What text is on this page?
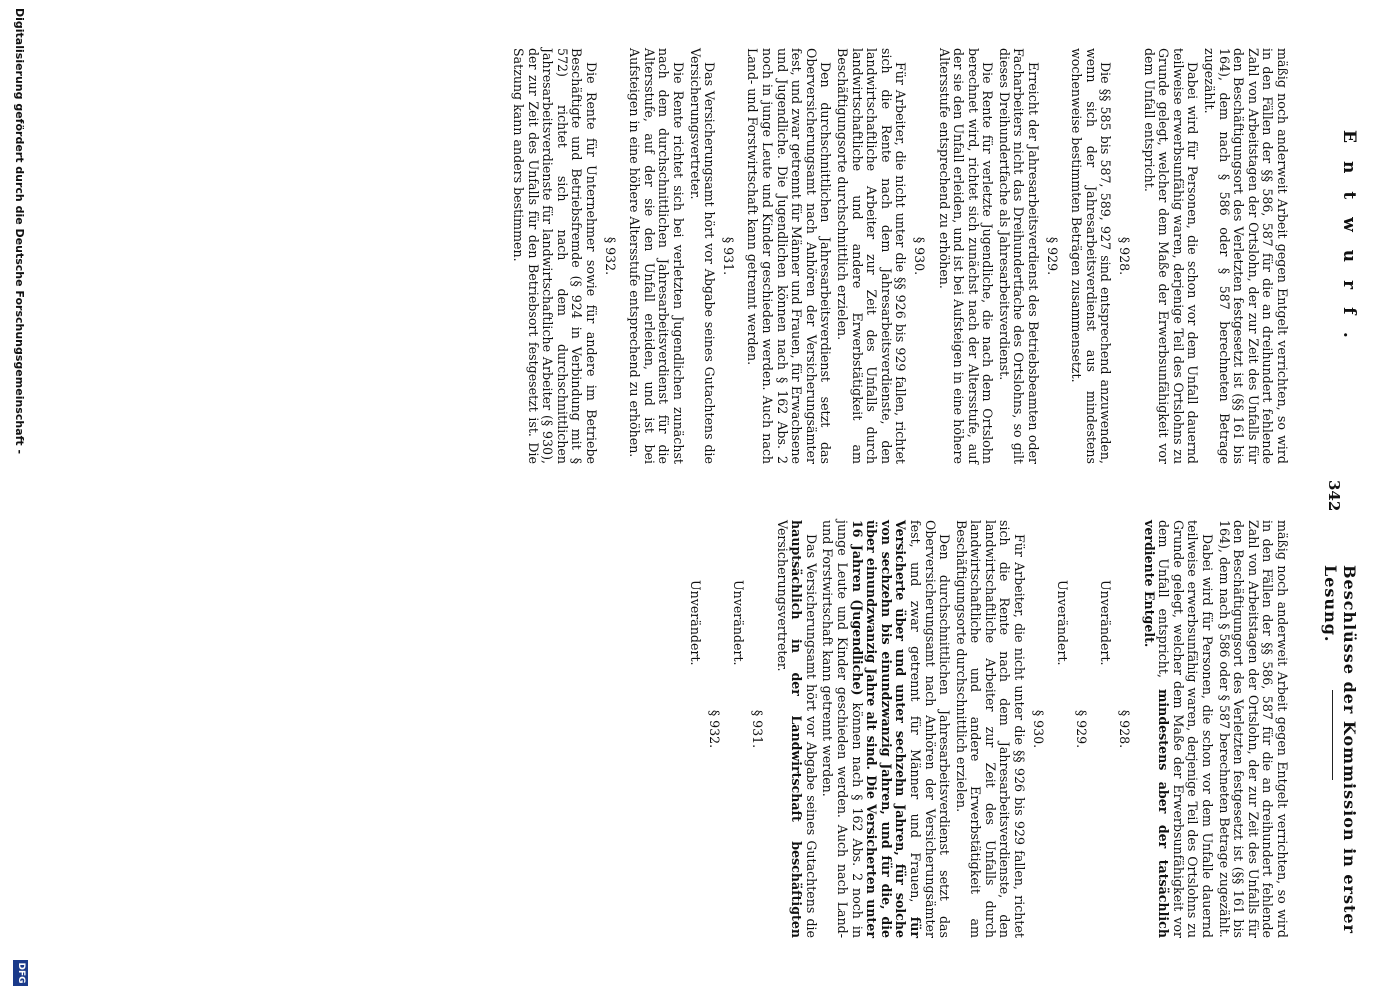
Entwurf.
342
Beschlüsse der Kommission in erster Lesung.

mäßig noch anderweit Arbeit gegen Entgelt verrichten, so wird in den Fällen der §§ 586, 587 für die an dreihundert fehlende Zahl von Arbeitstagen der Ortslohn, der zur Zeit des Unfalls für den Beschäftigungsort des Verletzten festgesetzt ist (§§ 161 bis 164), dem nach § 586 oder § 587 berechneten Betrage zugezählt.

Dabei wird für Personen, die schon vor dem Unfall dauernd teilweise erwerbsunfähig waren, derjenige Teil des Ortslohns zu Grunde gelegt, welcher dem Maße der Erwerbsunfähigkeit vor dem Unfall entspricht.

§ 928.

Die §§ 585 bis 587, 589, 927 sind entsprechend anzuwenden, wenn sich der Jahresarbeitsverdienst aus mindestens wochenweise bestimmten Beträgen zusammensetzt.

§ 929.

Erreicht der Jahresarbeitsverdienst des Betriebsbeamten oder Facharbeiters nicht das Dreihundertfache des Ortslohns, so gilt dieses Dreihundertfache als Jahresarbeitsverdienst.

Die Rente für verletzte Jugendliche, die nach dem Ortslohn berechnet wird, richtet sich zunächst nach der Altersstufe, auf der sie den Unfall erleiden, und ist bei Aufsteigen in eine höhere Altersstufe entsprechend zu erhöhen.

§ 930.

Für Arbeiter, die nicht unter die §§ 926 bis 929 fallen, richtet sich die Rente nach dem Jahresarbeitsverdienste, den landwirtschaftliche Arbeiter zur Zeit des Unfalls durch landwirtschaftliche und andere Erwerbstätigkeit am Beschäftigungsorte durchschnittlich erzielen.

Den durchschnittlichen Jahresarbeitsverdienst setzt das Oberversicherungsamt nach Anhören der Versicherungsämter fest, und zwar getrennt für Männer und Frauen, für Erwachsene und Jugendliche. Die Jugendlichen können nach § 162 Abs. 2 noch in junge Leute und Kinder geschieden werden. Auch nach Land- und Forstwirtschaft kann getrennt werden.

§ 931.

Das Versicherungsamt hört vor Abgabe seines Gutachtens die Versicherungsvertreter.

Die Rente richtet sich bei verletzten Jugendlichen zunächst nach dem durchschnittlichen Jahresarbeitsverdienst für die Altersstufe, auf der sie den Unfall erleiden, und ist bei Aufsteigen in eine höhere Altersstufe entsprechend zu erhöhen.

§ 932.

Die Rente für Unternehmer sowie für andere im Betriebe Beschäftigte und Betriebsfremde (§ 924 in Verbindung mit § 572) richtet sich nach dem durchschnittlichen Jahresarbeitsverdienste für landwirtschaftliche Arbeiter (§ 930), der zur Zeit des Unfalls für den Betriebsort festgesetzt ist. Die Satzung kann anders bestimmen.

mäßig noch anderweit Arbeit gegen Entgelt verrichten, so wird in den Fällen der §§ 586, 587 für die an dreihundert fehlende Zahl von Arbeitstagen der Ortslohn, der zur Zeit des Unfalls für den Beschäftigungsort des Verletzten festgesetzt ist (§§ 161 bis 164), dem nach § 586 oder § 587 berechneten Betrage zugezählt.

Dabei wird für Personen, die schon vor dem Unfalle dauernd teilweise erwerbsunfähig waren, derjenige Teil des Ortslohns zu Grunde gelegt, welcher dem Maße der Erwerbsunfähigkeit vor dem Unfall entspricht, mindestens aber der tatsächlich verdiente Entgelt.

§ 928.
Unverändert.
§ 929.
Unverändert.
§ 930.

Für Arbeiter, die nicht unter die §§ 926 bis 929 fallen, richtet sich die Rente nach dem Jahresarbeitsverdienste, den landwirtschaftliche Arbeiter zur Zeit des Unfalls durch landwirtschaftliche und andere Erwerbstätigkeit am Beschäftigungsorte durchschnittlich erzielen.

Den durchschnittlichen Jahresarbeitsverdienst setzt das Oberversicherungsamt nach Anhören der Versicherungsämter fest, und zwar getrennt für Männer und Frauen, für Versicherte über und unter sechzehn Jahren, für solche von sechzehn bis einundzwanzig Jahren, und für die, die über einundzwanzig Jahre alt sind. Die Versicherten unter 16 Jahren (Jugendliche) können nach § 162 Abs. 2 noch in junge Leute und Kinder geschieden werden. Auch nach Land- und Forstwirtschaft kann getrennt werden.

Das Versicherungsamt hört vor Abgabe seines Gutachtens die hauptsächlich in der Landwirtschaft beschäftigten Versicherungsvertreter.

§ 931.
Unverändert.
§ 932.
Unverändert.
Digitalisierung gefördert durch die Deutsche Forschungsgemeinschaft -
DFG
